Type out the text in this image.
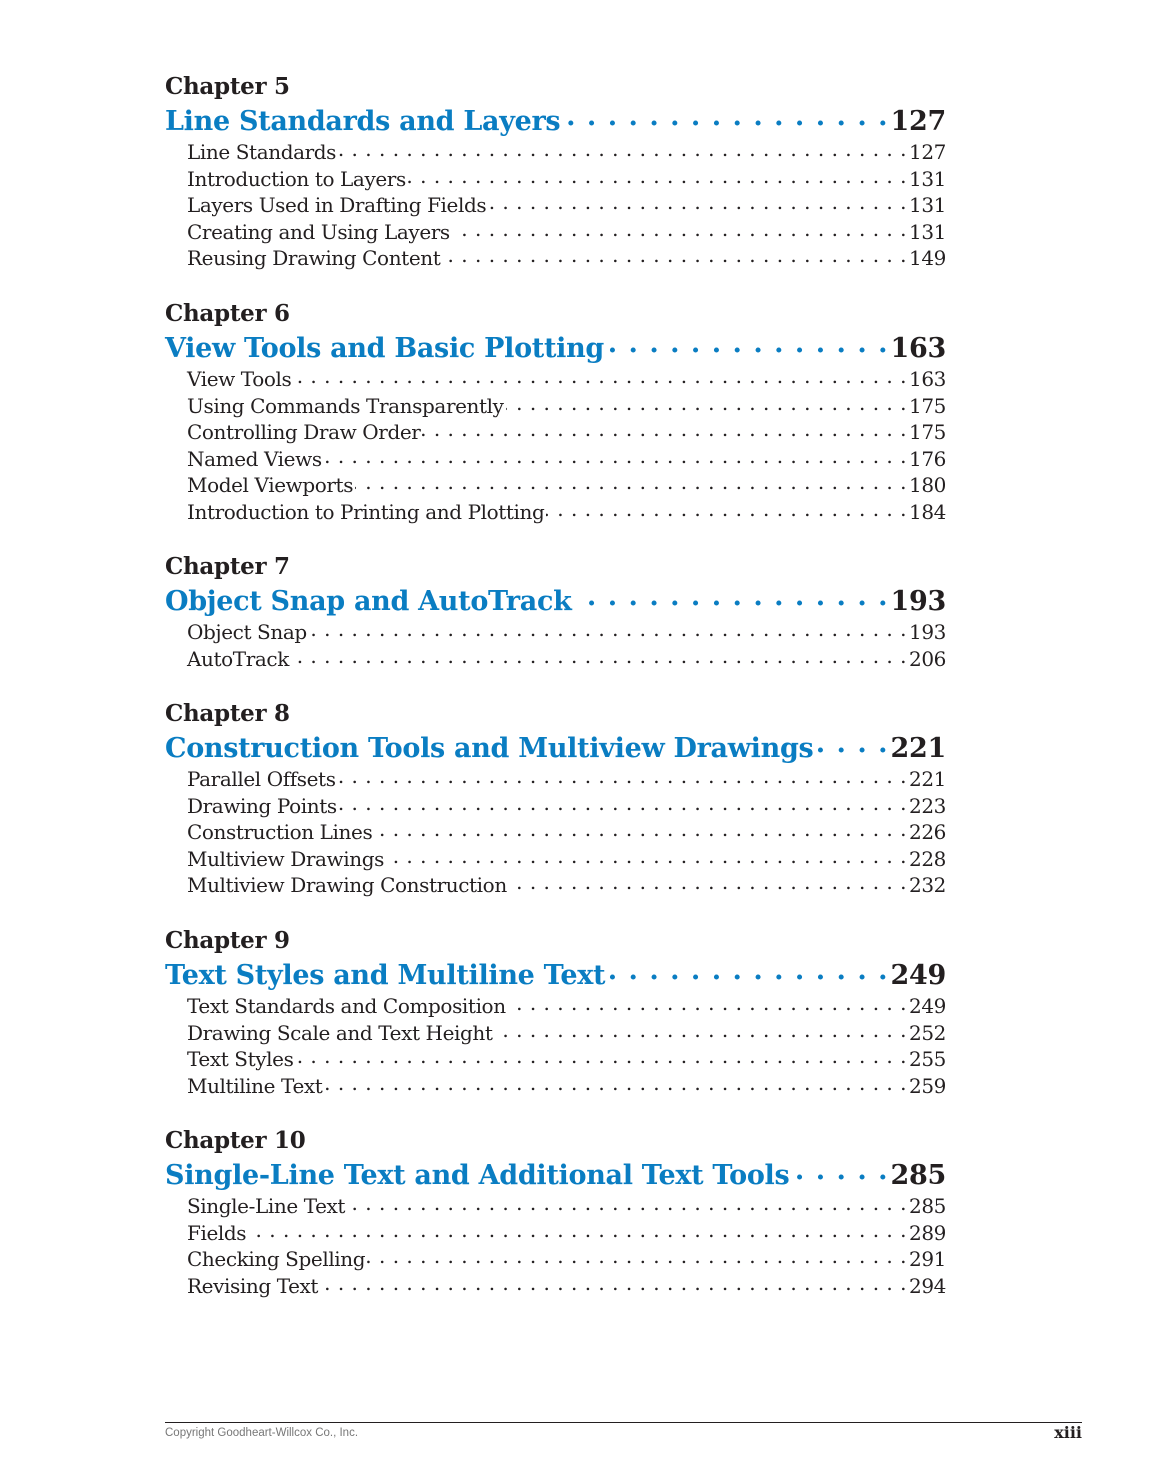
Chapter 5
Line Standards and Layers . . .	127
Line Standards . . .	127
Introduction to Layers . . .	131
Layers Used in Drafting Fields . . .	131
Creating and Using Layers . . .	131
Reusing Drawing Content . . .	149
Chapter 6
View Tools and Basic Plotting . . .	163
View Tools . . .	163
Using Commands Transparently . . .	175
Controlling Draw Order . . .	175
Named Views . . .	176
Model Viewports . . .	180
Introduction to Printing and Plotting . . .	184
Chapter 7
Object Snap and AutoTrack . . .	193
Object Snap . . .	193
AutoTrack . . .	206
Chapter 8
Construction Tools and Multiview Drawings . . .	221
Parallel Offsets . . .	221
Drawing Points . . .	223
Construction Lines . . .	226
Multiview Drawings . . .	228
Multiview Drawing Construction . . .	232
Chapter 9
Text Styles and Multiline Text . . .	249
Text Standards and Composition . . .	249
Drawing Scale and Text Height . . .	252
Text Styles . . .	255
Multiline Text . . .	259
Chapter 10
Single-Line Text and Additional Text Tools . . .	285
Single-Line Text . . .	285
Fields . . .	289
Checking Spelling . . .	291
Revising Text . . .	294
Copyright Goodheart-Willcox Co., Inc.	xiii
